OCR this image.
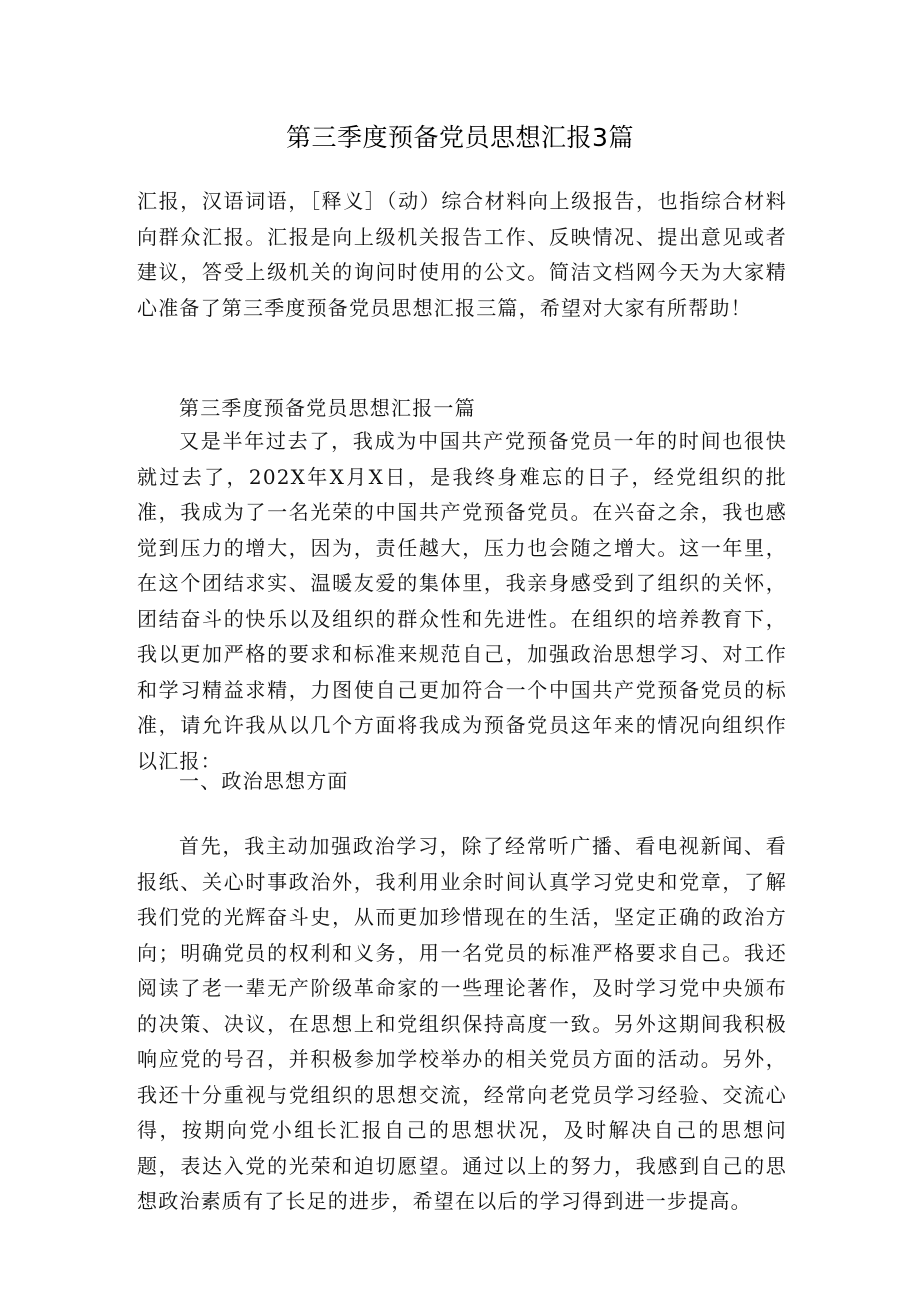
第三季度预备党员思想汇报3篇

汇报，汉语词语，［释义］（动）综合材料向上级报告，也指综合材料向群众汇报。汇报是向上级机关报告工作、反映情况、提出意见或者建议，答受上级机关的询问时使用的公文。简洁文档网今天为大家精心准备了第三季度预备党员思想汇报三篇，希望对大家有所帮助！

第三季度预备党员思想汇报一篇

又是半年过去了，我成为中国共产党预备党员一年的时间也很快就过去了，202X年X月X日，是我终身难忘的日子，经党组织的批准，我成为了一名光荣的中国共产党预备党员。在兴奋之余，我也感觉到压力的增大，因为，责任越大，压力也会随之增大。这一年里，在这个团结求实、温暖友爱的集体里，我亲身感受到了组织的关怀，团结奋斗的快乐以及组织的群众性和先进性。在组织的培养教育下，我以更加严格的要求和标准来规范自己，加强政治思想学习、对工作和学习精益求精，力图使自己更加符合一个中国共产党预备党员的标准，请允许我从以几个方面将我成为预备党员这年来的情况向组织作以汇报：

一、政治思想方面

首先，我主动加强政治学习，除了经常听广播、看电视新闻、看报纸、关心时事政治外，我利用业余时间认真学习党史和党章，了解我们党的光辉奋斗史，从而更加珍惜现在的生活，坚定正确的政治方向；明确党员的权利和义务，用一名党员的标准严格要求自己。我还阅读了老一辈无产阶级革命家的一些理论著作，及时学习党中央颁布的决策、决议，在思想上和党组织保持高度一致。另外这期间我积极响应党的号召，并积极参加学校举办的相关党员方面的活动。另外，我还十分重视与党组织的思想交流，经常向老党员学习经验、交流心得，按期向党小组长汇报自己的思想状况，及时解决自己的思想问题，表达入党的光荣和迫切愿望。通过以上的努力，我感到自己的思想政治素质有了长足的进步，希望在以后的学习得到进一步提高。
